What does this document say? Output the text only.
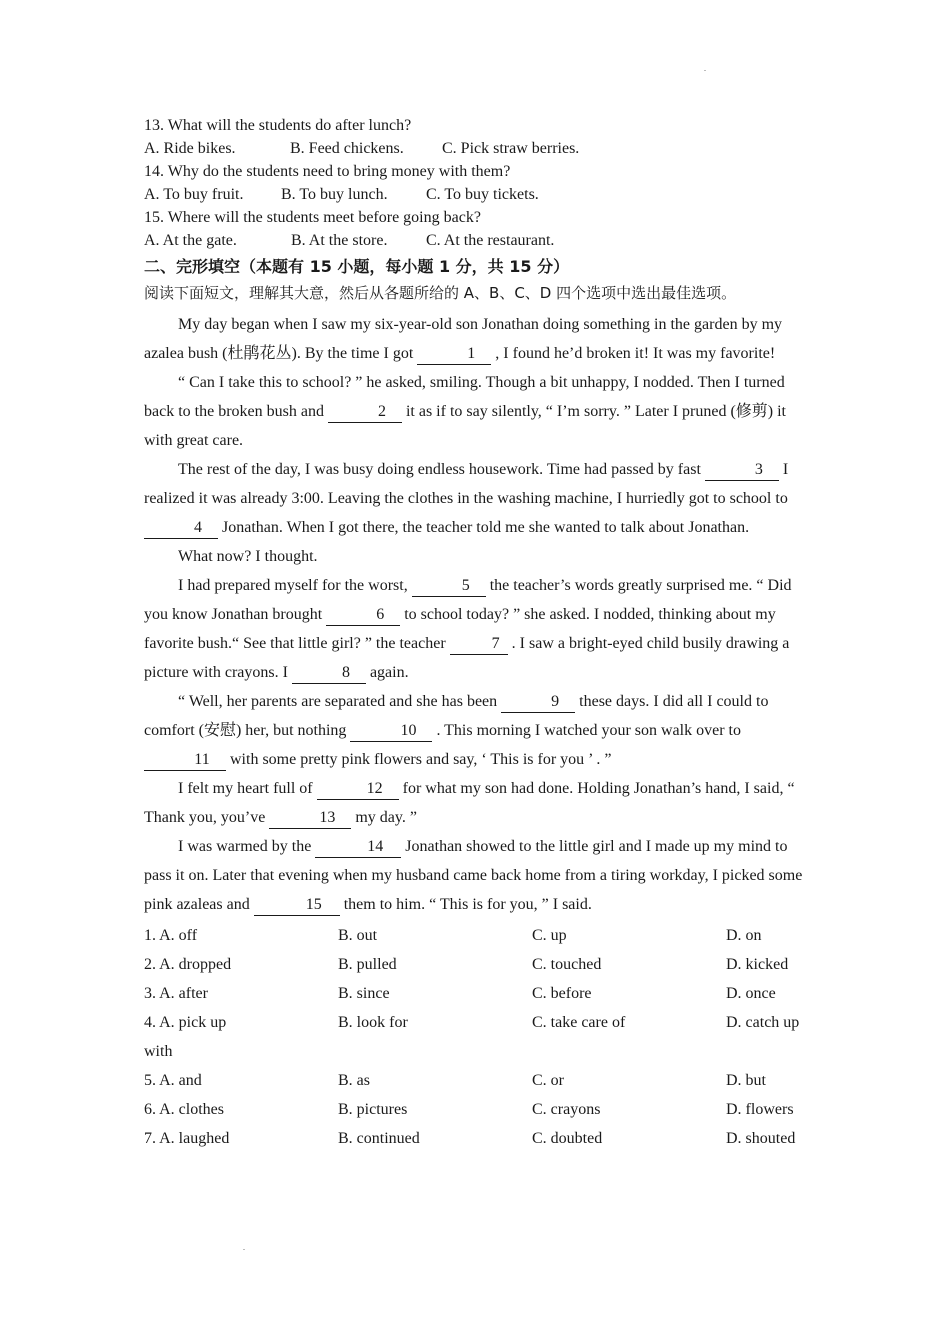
13. What will the students do after lunch?
A. Ride bikes.	B. Feed chickens. C. Pick straw berries.
14. Why do the students need to bring money with them?
A. To buy fruit. B. To buy lunch. C. To buy tickets.
15. Where will the students meet before going back?
A. At the gate.	B. At the store. C. At the restaurant.
二、完形填空（本题有 15 小题，每小题 1 分，共 15 分）
阅读下面短文，理解其大意，然后从各题所给的 A、B、C、D 四个选项中选出最佳选项。
My day began when I saw my six-year-old son Jonathan doing something in the garden by my azalea bush (杜鹃花丛). By the time I got	1 , I found he’d broken it! It was my favorite!
“ Can I take this to school? ” he asked, smiling. Though a bit unhappy, I nodded. Then I turned back to the broken bush and	2 it as if to say silently, “ I’m sorry. ” Later I pruned (修剪) it with great care.
The rest of the day, I was busy doing endless housework. Time had passed by fast	3 I realized it was already 3:00. Leaving the clothes in the washing machine, I hurriedly got to school to 4 Jonathan. When I got there, the teacher told me she wanted to talk about Jonathan.
What now? I thought.
I had prepared myself for the worst,	5 the teacher’s words greatly surprised me. “ Did you know Jonathan brought	6 to school today? ” she asked. I nodded, thinking about my favorite bush.“ See that little girl? ” the teacher	7 . I saw a bright-eyed child busily drawing a picture with crayons. I	8 again.
“ Well, her parents are separated and she has been	9 these days. I did all I could to comfort (安慰) her, but nothing	10 . This morning I watched your son walk over to 11 with some pretty pink flowers and say, ‘ This is for you ’ . ”
I felt my heart full of	12 for what my son had done. Holding Jonathan’s hand, I said, “ Thank you, you’ve	13 my day. ”
I was warmed by the	14 Jonathan showed to the little girl and I made up my mind to pass it on. Later that evening when my husband came back home from a tiring workday, I picked some pink azaleas and	15 them to him. “ This is for you, ” I said.
1. A. off	B. out	C. up	D. on
2. A. dropped	B. pulled	C. touched	D. kicked
3. A. after	B. since	C. before	D. once
4. A. pick up	B. look for	C. take care of	D. catch up
with
5. A. and	B. as	C. or	D. but
6. A. clothes	B. pictures	C. crayons	D. flowers
7. A. laughed	B. continued	C. doubted	D. shouted
